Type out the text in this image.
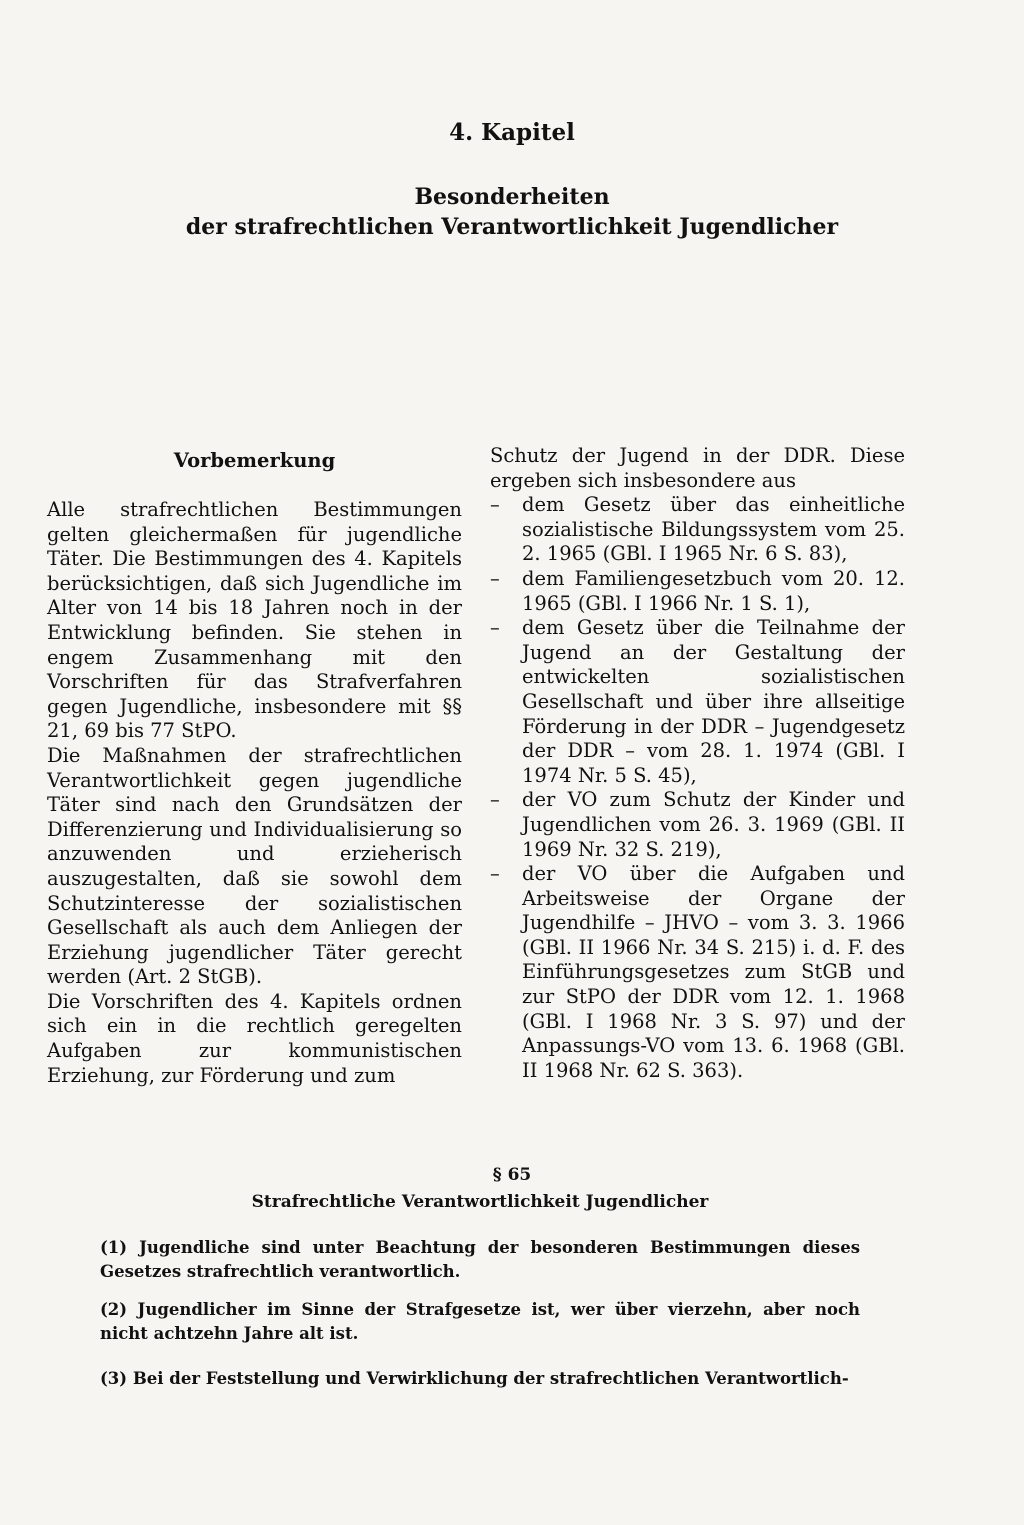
4. Kapitel
Besonderheiten
der strafrechtlichen Verantwortlichkeit Jugendlicher
Vorbemerkung

Alle strafrechtlichen Bestimmungen gelten gleichermaßen für jugendliche Täter. Die Bestimmungen des 4. Kapitels berücksichtigen, daß sich Jugendliche im Alter von 14 bis 18 Jahren noch in der Entwicklung befinden. Sie stehen in engem Zusammenhang mit den Vorschriften für das Strafverfahren gegen Jugendliche, insbesondere mit §§ 21, 69 bis 77 StPO.

Die Maßnahmen der strafrechtlichen Verantwortlichkeit gegen jugendliche Täter sind nach den Grundsätzen der Differenzierung und Individualisierung so anzuwenden und erzieherisch auszugestalten, daß sie sowohl dem Schutzinteresse der sozialistischen Gesellschaft als auch dem Anliegen der Erziehung jugendlicher Täter gerecht werden (Art. 2 StGB).

Die Vorschriften des 4. Kapitels ordnen sich ein in die rechtlich geregelten Aufgaben zur kommunistischen Erziehung, zur Förderung und zum

Schutz der Jugend in der DDR. Diese ergeben sich insbesondere aus

– dem Gesetz über das einheitliche sozialistische Bildungssystem vom 25. 2. 1965 (GBl. I 1965 Nr. 6 S. 83),
– dem Familiengesetzbuch vom 20. 12. 1965 (GBl. I 1966 Nr. 1 S. 1),
– dem Gesetz über die Teilnahme der Jugend an der Gestaltung der entwickelten sozialistischen Gesellschaft und über ihre allseitige Förderung in der DDR – Jugendgesetz der DDR – vom 28. 1. 1974 (GBl. I 1974 Nr. 5 S. 45),
– der VO zum Schutz der Kinder und Jugendlichen vom 26. 3. 1969 (GBl. II 1969 Nr. 32 S. 219),
– der VO über die Aufgaben und Arbeitsweise der Organe der Jugendhilfe – JHVO – vom 3. 3. 1966 (GBl. II 1966 Nr. 34 S. 215) i. d. F. des Einführungsgesetzes zum StGB und zur StPO der DDR vom 12. 1. 1968 (GBl. I 1968 Nr. 3 S. 97) und der Anpassungs-VO vom 13. 6. 1968 (GBl. II 1968 Nr. 62 S. 363).
§ 65
Strafrechtliche Verantwortlichkeit Jugendlicher
(1) Jugendliche sind unter Beachtung der besonderen Bestimmungen dieses Gesetzes strafrechtlich verantwortlich.
(2) Jugendlicher im Sinne der Strafgesetze ist, wer über vierzehn, aber noch nicht achtzehn Jahre alt ist.
(3) Bei der Feststellung und Verwirklichung der strafrechtlichen Verantwortlich-
